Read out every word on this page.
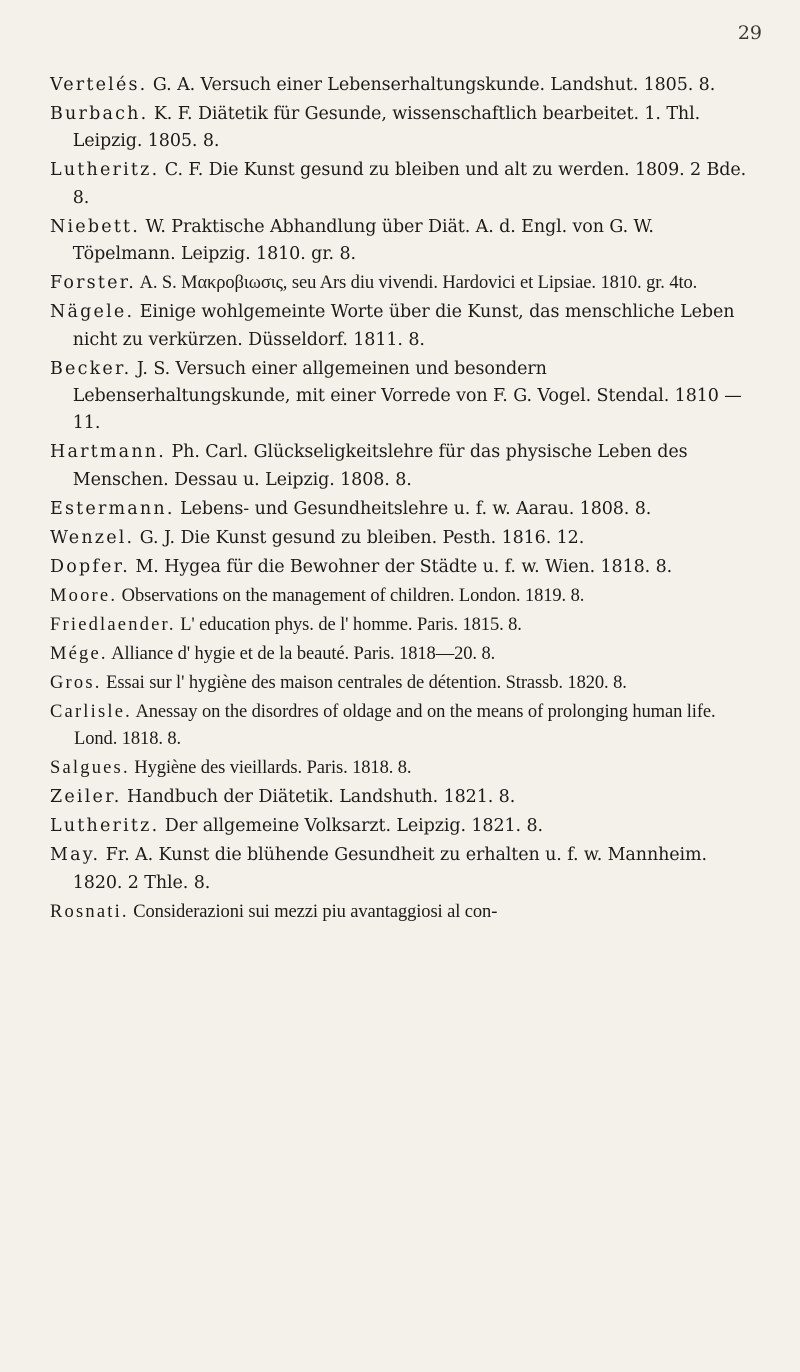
29

Vertelés. G. A. Versuch einer Lebenserhaltungskunde. Landshut. 1805. 8.

Burbach. K. F. Diätetik für Gesunde, wissenschaftlich bearbeitet. 1. Thl. Leipzig. 1805. 8.

Lutheritz. C. F. Die Kunst gesund zu bleiben und alt zu werden. 1809. 2 Bde. 8.

Niebett. W. Praktische Abhandlung über Diät. A. d. Engl. von G. W. Töpelmann. Leipzig. 1810. gr. 8.

Forster. A. S. Μακροβιωσις, seu Ars diu vivendi. Hardovici et Lipsiae. 1810. gr. 4to.

Nägele. Einige wohlgemeinte Worte über die Kunst, das menschliche Leben nicht zu verkürzen. Düsseldorf. 1811. 8.

Becker. J. S. Versuch einer allgemeinen und besondern Lebenserhaltungskunde, mit einer Vorrede von F. G. Vogel. Stendal. 1810 — 11.

Hartmann. Ph. Carl. Glückseligkeitslehre für das physische Leben des Menschen. Dessau u. Leipzig. 1808. 8.

Estermann. Lebens- und Gesundheitslehre u. f. w. Aarau. 1808. 8.

Wenzel. G. J. Die Kunst gesund zu bleiben. Pesth. 1816. 12.

Dopfer. M. Hygea für die Bewohner der Städte u. f. w. Wien. 1818. 8.

Moore. Observations on the management of children. London. 1819. 8.

Friedlaender. L' education phys. de l' homme. Paris. 1815. 8.

Mége. Alliance d' hygie et de la beauté. Paris. 1818—20. 8.

Gros. Essai sur l' hygiène des maison centrales de détention. Strassb. 1820. 8.

Carlisle. Anessay on the disordres of oldage and on the means of prolonging human life. Lond. 1818. 8.

Salgues. Hygiène des vieillards. Paris. 1818. 8.

Zeiler. Handbuch der Diätetik. Landshuth. 1821. 8.

Lutheritz. Der allgemeine Volksarzt. Leipzig. 1821. 8.

May. Fr. A. Kunst die blühende Gesundheit zu erhalten u. f. w. Mannheim. 1820. 2 Thle. 8.

Rosnati. Considerazioni sui mezzi piu avantaggiosi al con-
